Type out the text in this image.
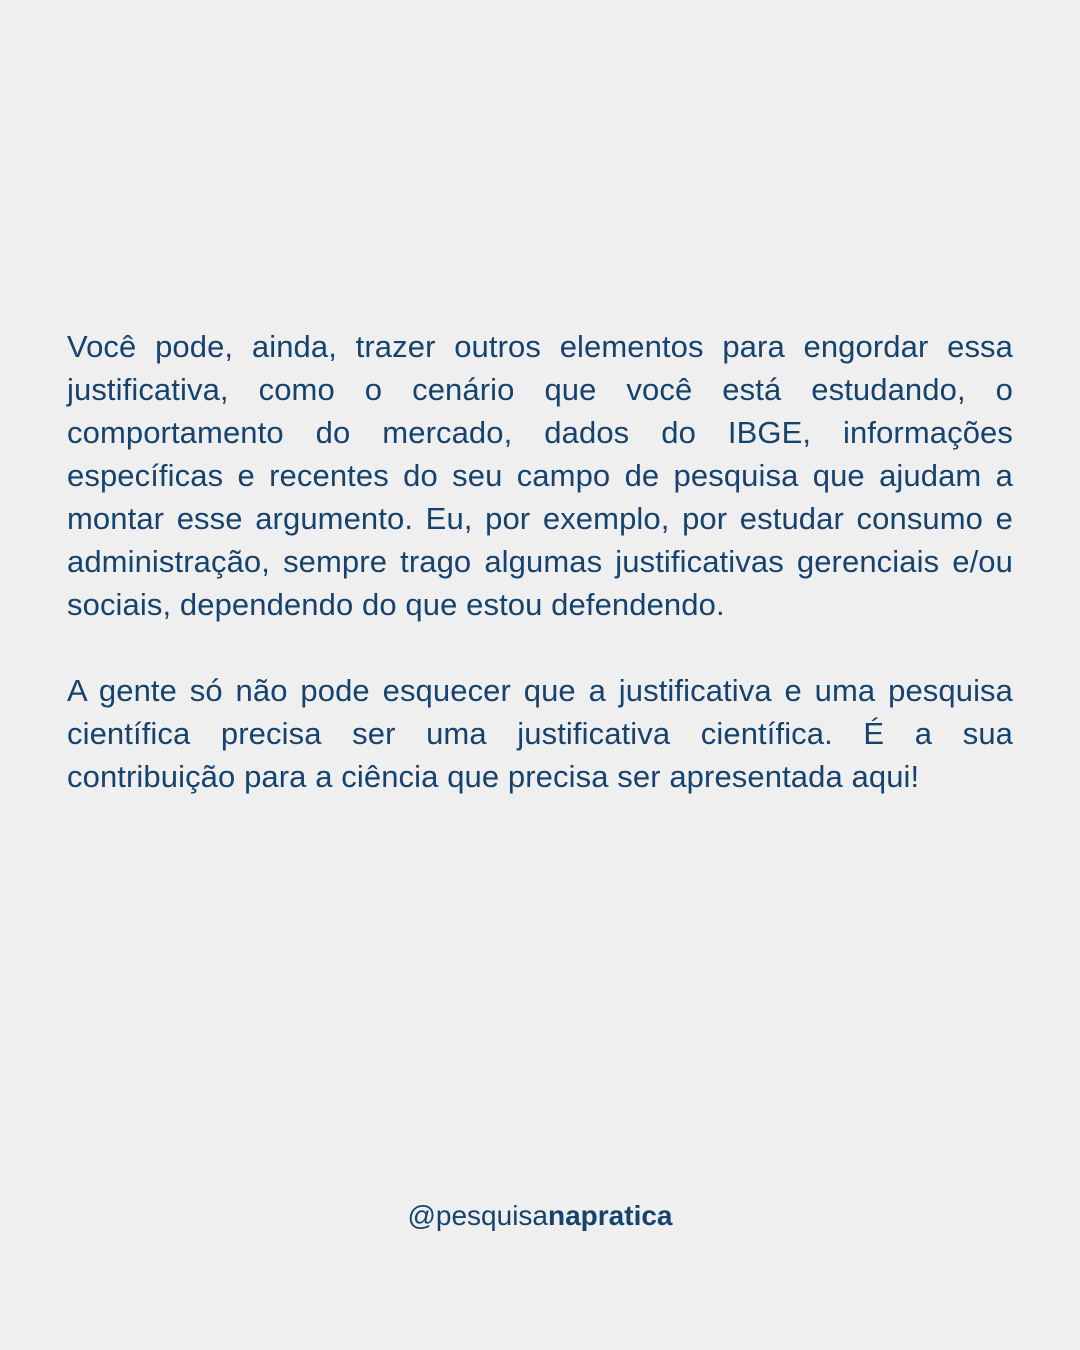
Você pode, ainda, trazer outros elementos para engordar essa justificativa, como o cenário que você está estudando, o comportamento do mercado, dados do IBGE, informações específicas e recentes do seu campo de pesquisa que ajudam a montar esse argumento. Eu, por exemplo, por estudar consumo e administração, sempre trago algumas justificativas gerenciais e/ou sociais, dependendo do que estou defendendo.

A gente só não pode esquecer que a justificativa e uma pesquisa científica precisa ser uma justificativa científica. É a sua contribuição para a ciência que precisa ser apresentada aqui!

@pesquisanapratica
